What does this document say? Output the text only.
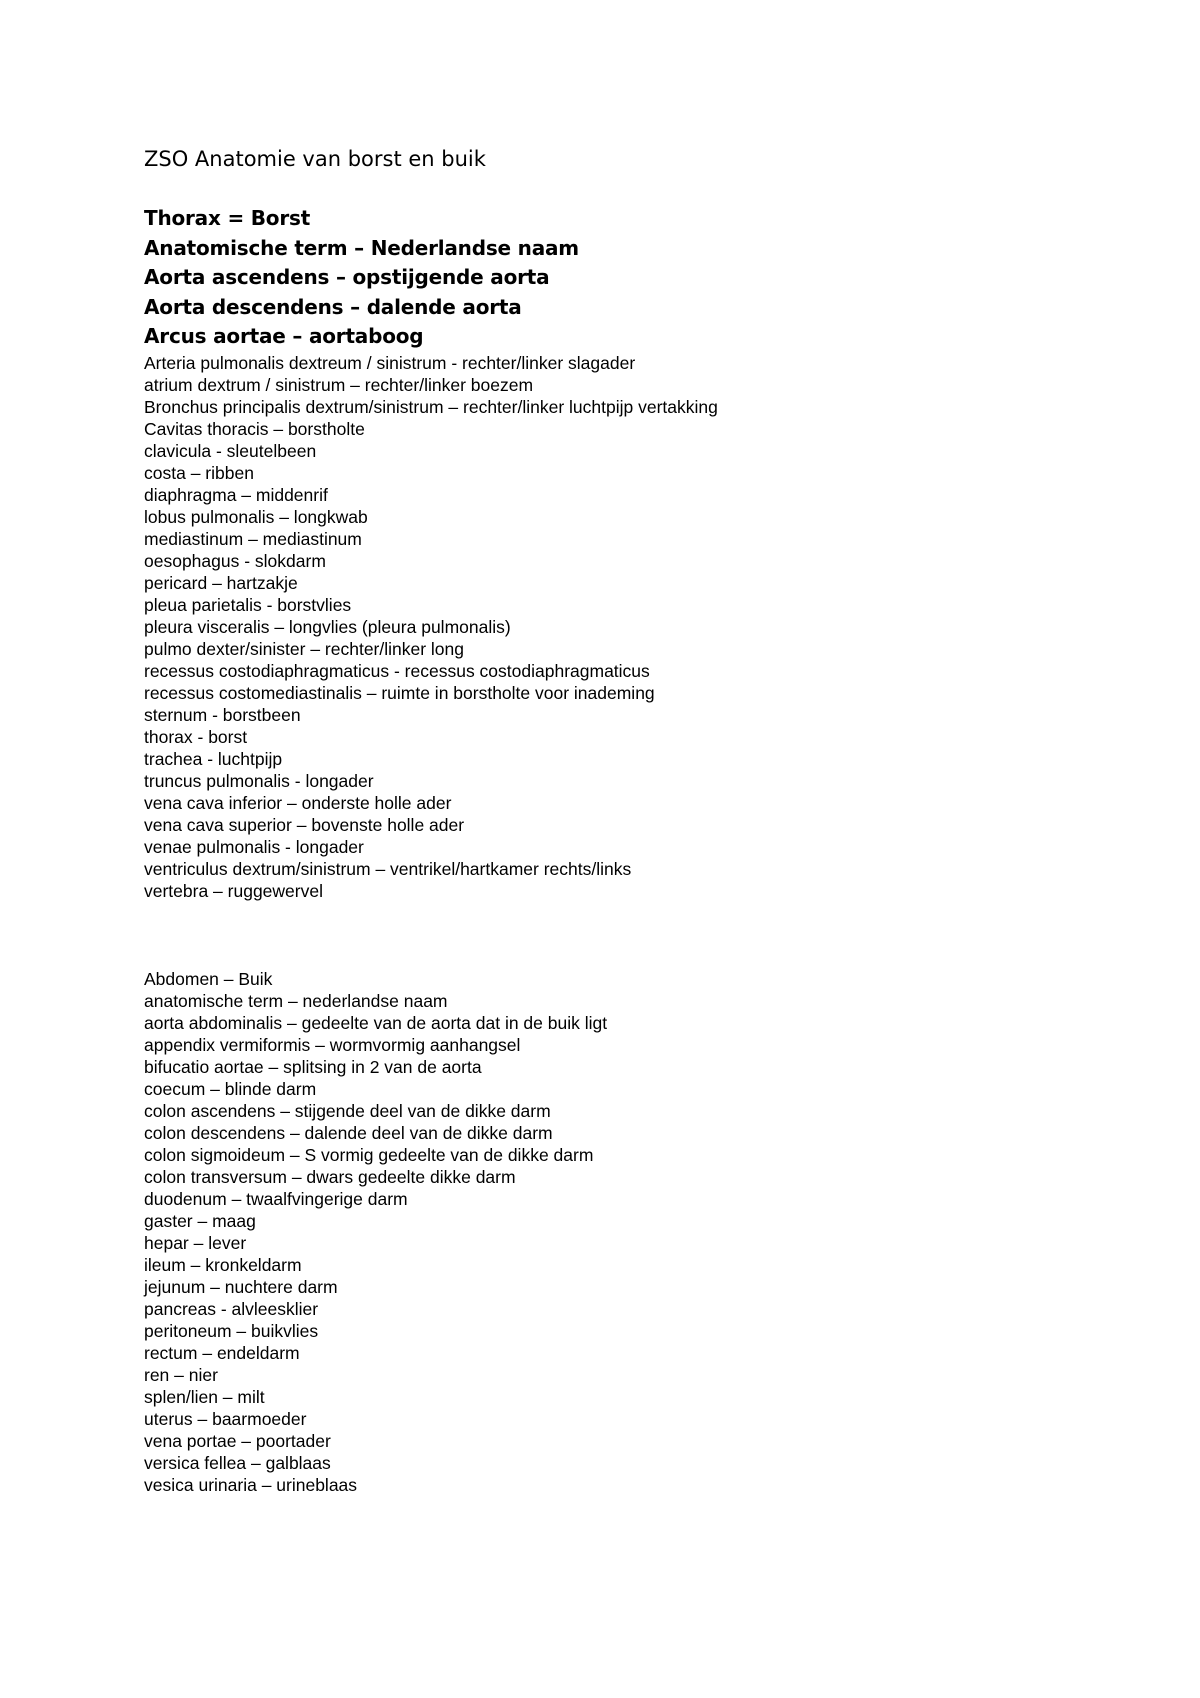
ZSO Anatomie van borst en buik
Thorax = Borst
Anatomische term – Nederlandse naam
Aorta ascendens – opstijgende aorta
Aorta descendens – dalende aorta
Arcus aortae – aortaboog
Arteria pulmonalis dextreum / sinistrum - rechter/linker slagader
atrium dextrum / sinistrum – rechter/linker boezem
Bronchus principalis dextrum/sinistrum – rechter/linker luchtpijp vertakking
Cavitas thoracis – borstholte
clavicula - sleutelbeen
costa – ribben
diaphragma – middenrif
lobus pulmonalis – longkwab
mediastinum – mediastinum
oesophagus - slokdarm
pericard – hartzakje
pleua parietalis - borstvlies
pleura visceralis – longvlies (pleura pulmonalis)
pulmo dexter/sinister – rechter/linker long
recessus costodiaphragmaticus - recessus costodiaphragmaticus
recessus costomediastinalis – ruimte in borstholte voor inademing
sternum - borstbeen
thorax - borst
trachea - luchtpijp
truncus pulmonalis - longader
vena cava inferior – onderste holle ader
vena cava superior – bovenste holle ader
venae pulmonalis - longader
ventriculus dextrum/sinistrum – ventrikel/hartkamer rechts/links
vertebra – ruggewervel
Abdomen – Buik
anatomische term – nederlandse naam
aorta abdominalis – gedeelte van de aorta dat in de buik ligt
appendix vermiformis – wormvormig aanhangsel
bifucatio aortae – splitsing in 2 van de aorta
coecum – blinde darm
colon ascendens – stijgende deel van de dikke darm
colon descendens – dalende deel van de dikke darm
colon sigmoideum – S vormig gedeelte van de dikke darm
colon transversum – dwars gedeelte dikke darm
duodenum – twaalfvingerige darm
gaster – maag
hepar – lever
ileum – kronkeldarm
jejunum – nuchtere darm
pancreas - alvleesklier
peritoneum – buikvlies
rectum – endeldarm
ren – nier
splen/lien – milt
uterus – baarmoeder
vena portae – poortader
versica fellea – galblaas
vesica urinaria – urineblaas
